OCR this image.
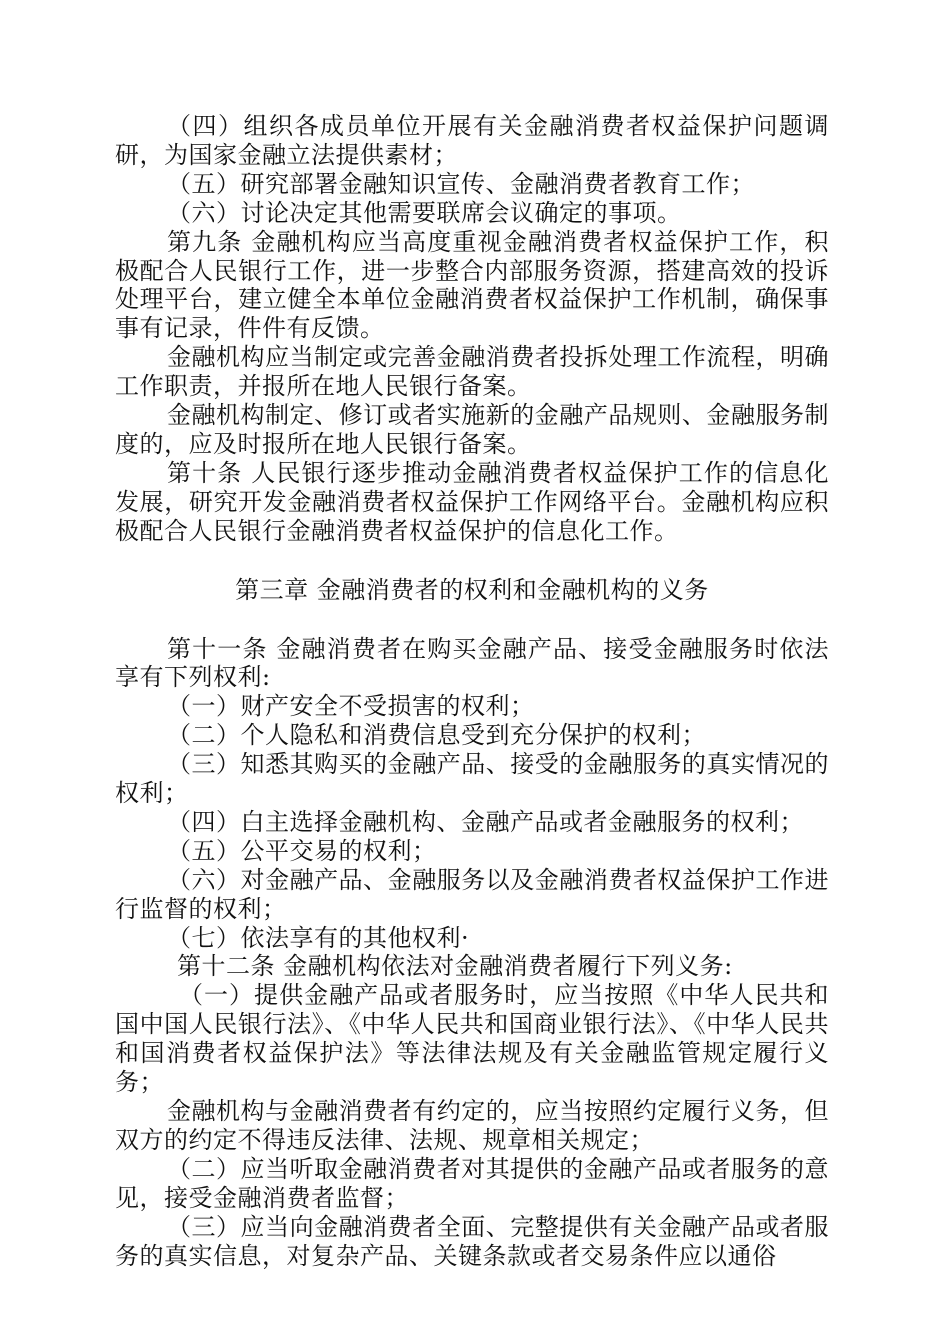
（四）组织各成员单位开展有关金融消费者权益保护问题调研，为国家金融立法提供素材；

（五）研究部署金融知识宣传、金融消费者教育工作；

（六）讨论决定其他需要联席会议确定的事项。

第九条 金融机构应当高度重视金融消费者权益保护工作，积极配合人民银行工作，进一步整合内部服务资源，搭建高效的投诉处理平台，建立健全本单位金融消费者权益保护工作机制，确保事事有记录，件件有反馈。

金融机构应当制定或完善金融消费者投拆处理工作流程，明确工作职责，并报所在地人民银行备案。

金融机构制定、修订或者实施新的金融产品规则、金融服务制度的，应及时报所在地人民银行备案。

第十条 人民银行逐步推动金融消费者权益保护工作的信息化发展，研究开发金融消费者权益保护工作网络平台。金融机构应积极配合人民银行金融消费者权益保护的信息化工作。

第三章 金融消费者的权利和金融机构的义务

第十一条 金融消费者在购买金融产品、接受金融服务时依法享有下列权利:

（一）财产安全不受损害的权利；

（二）个人隐私和消费信息受到充分保护的权利；

（三）知悉其购买的金融产品、接受的金融服务的真实情况的权利；

（四）白主选择金融机构、金融产品或者金融服务的权利；

（五）公平交易的权利；

（六）对金融产品、金融服务以及金融消费者权益保护工作进行监督的权利；

（七）依法享有的其他权利·

第十二条 金融机构依法对金融消费者履行下列义务:

（一）提供金融产品或者服务时，应当按照《中华人民共和国中国人民银行法》、《中华人民共和国商业银行法》、《中华人民共和国消费者权益保护法》等法律法规及有关金融监管规定履行义务；

金融机构与金融消费者有约定的，应当按照约定履行义务，但双方的约定不得违反法律、法规、规章相关规定；

（二）应当听取金融消费者对其提供的金融产品或者服务的意见，接受金融消费者监督；

（三）应当向金融消费者全面、完整提供有关金融产品或者服务的真实信息，对复杂产品、关键条款或者交易条件应以通俗
